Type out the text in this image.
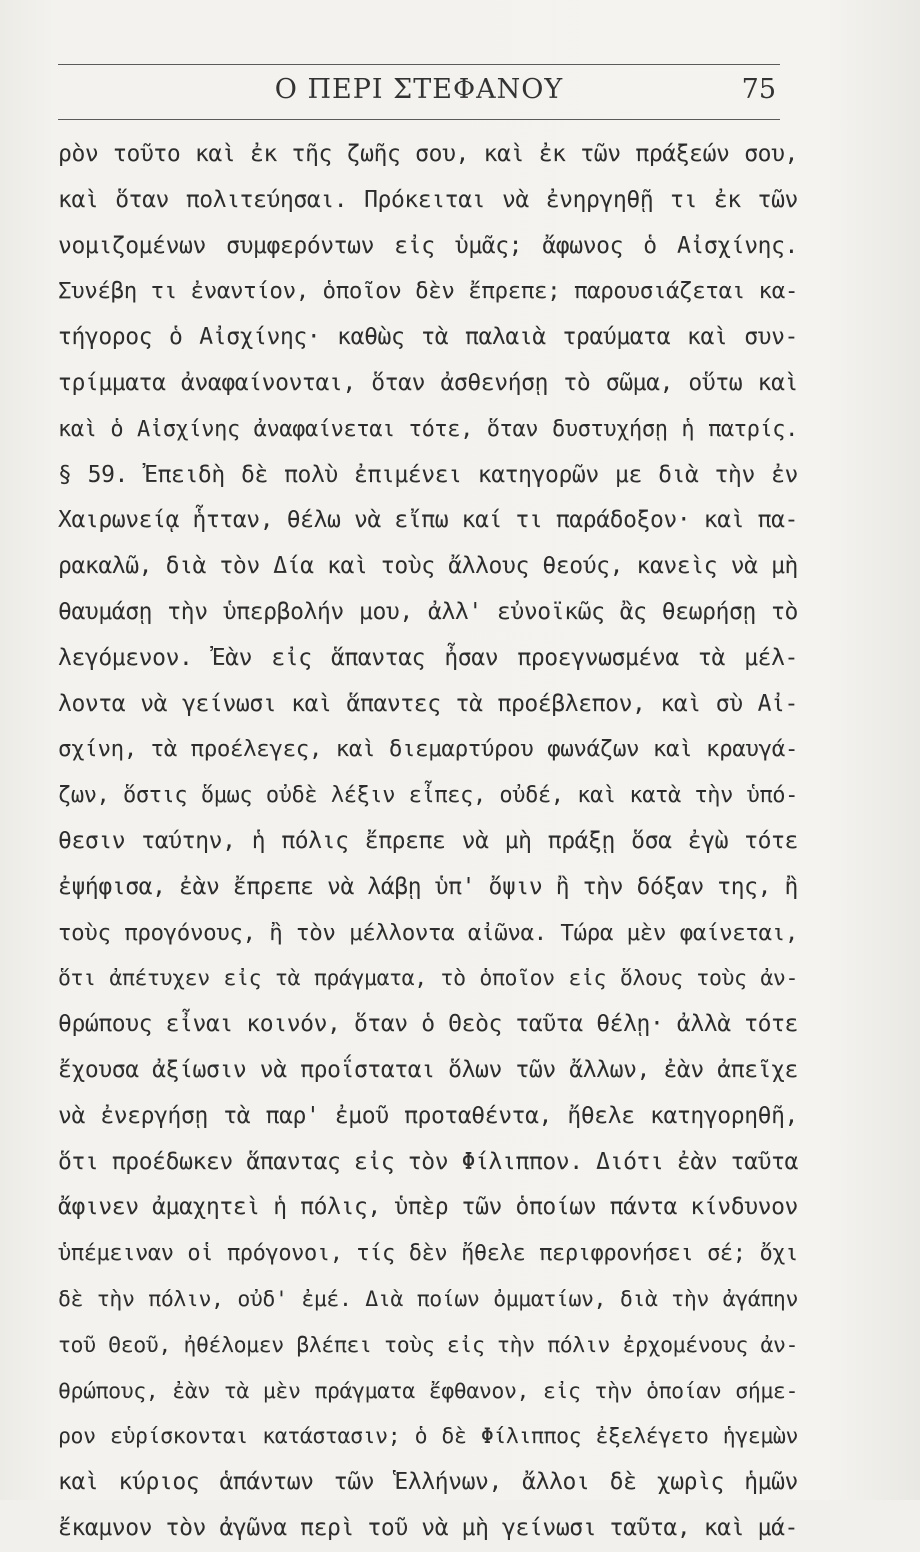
Ο ΠΕΡΙ ΣΤΕΦΑΝΟΥ	75
ρὸν τοῦτο καὶ ἐκ τῆς ζωῆς σου, καὶ ἐκ τῶν πράξεών σου,
καὶ ὅταν πολιτεύησαι. Πρόκειται νὰ ἐνηργηθῇ τι ἐκ τῶν
νομιζομένων συμφερόντων εἰς ὑμᾶς; ἄφωνος ὁ Αἰσχίνης.
Συνέβη τι ἐναντίον, ὁποῖον δὲν ἔπρεπε; παρουσιάζεται κα-
τήγορος ὁ Αἰσχίνης· καθὼς τὰ παλαιὰ τραύματα καὶ συν-
τρίμματα ἀναφαίνονται, ὅταν ἀσθενήσῃ τὸ σῶμα, οὕτω καὶ
καὶ ὁ Αἰσχίνης ἀναφαίνεται τότε, ὅταν δυστυχήσῃ ἡ πατρίς.
§ 59. Ἐπειδὴ δὲ πολὺ ἐπιμένει κατηγορῶν με διὰ τὴν ἐν
Χαιρωνείᾳ ἧτταν, θέλω νὰ εἴπω καί τι παράδοξον· καὶ πα-
ρακαλῶ, διὰ τὸν Δία καὶ τοὺς ἄλλους θεούς, κανεὶς νὰ μὴ
θαυμάσῃ τὴν ὑπερβολήν μου, ἀλλ' εὐνοϊκῶς ἂς θεωρήσῃ τὸ
λεγόμενον. Ἐὰν εἰς ἅπαντας ἦσαν προεγνωσμένα τὰ μέλ-
λοντα νὰ γείνωσι καὶ ἅπαντες τὰ προέβλεπον, καὶ σὺ Αἰ-
σχίνη, τὰ προέλεγες, καὶ διεμαρτύρου φωνάζων καὶ κραυγά-
ζων, ὅστις ὅμως οὐδὲ λέξιν εἶπες, οὐδέ, καὶ κατὰ τὴν ὑπό-
θεσιν ταύτην, ἡ πόλις ἔπρεπε νὰ μὴ πράξῃ ὅσα ἐγὼ τότε
ἐψήφισα, ἐὰν ἔπρεπε νὰ λάβῃ ὑπ' ὄψιν ἢ τὴν δόξαν της, ἢ
τοὺς προγόνους, ἢ τὸν μέλλοντα αἰῶνα. Τώρα μὲν φαίνεται,
ὅτι ἀπέτυχεν εἰς τὰ πράγματα, τὸ ὁποῖον εἰς ὅλους τοὺς ἀν-
θρώπους εἶναι κοινόν, ὅταν ὁ Θεὸς ταῦτα θέλῃ· ἀλλὰ τότε
ἔχουσα ἀξίωσιν νὰ προΐσταται ὅλων τῶν ἄλλων, ἐὰν ἀπεῖχε
νὰ ἐνεργήσῃ τὰ παρ' ἐμοῦ προταθέντα, ἤθελε κατηγορηθῆ,
ὅτι προέδωκεν ἅπαντας εἰς τὸν Φίλιππον. Διότι ἐὰν ταῦτα
ἄφινεν ἀμαχητεὶ ἡ πόλις, ὑπὲρ τῶν ὁποίων πάντα κίνδυνον
ὑπέμειναν οἱ πρόγονοι, τίς δὲν ἤθελε περιφρονήσει σέ; ὄχι
δὲ τὴν πόλιν, οὐδ' ἐμέ. Διὰ ποίων ὀμματίων, διὰ τὴν ἀγάπην
τοῦ Θεοῦ, ἠθέλομεν βλέπει τοὺς εἰς τὴν πόλιν ἐρχομένους ἀν-
θρώπους, ἐὰν τὰ μὲν πράγματα ἔφθανον, εἰς τὴν ὁποίαν σήμε-
ρον εὑρίσκονται κατάστασιν; ὁ δὲ Φίλιππος ἐξελέγετο ἡγεμὼν
καὶ κύριος ἁπάντων τῶν Ἑλλήνων, ἄλλοι δὲ χωρὶς ἡμῶν
ἔκαμνον τὸν ἀγῶνα περὶ τοῦ νὰ μὴ γείνωσι ταῦτα, καὶ μά-
